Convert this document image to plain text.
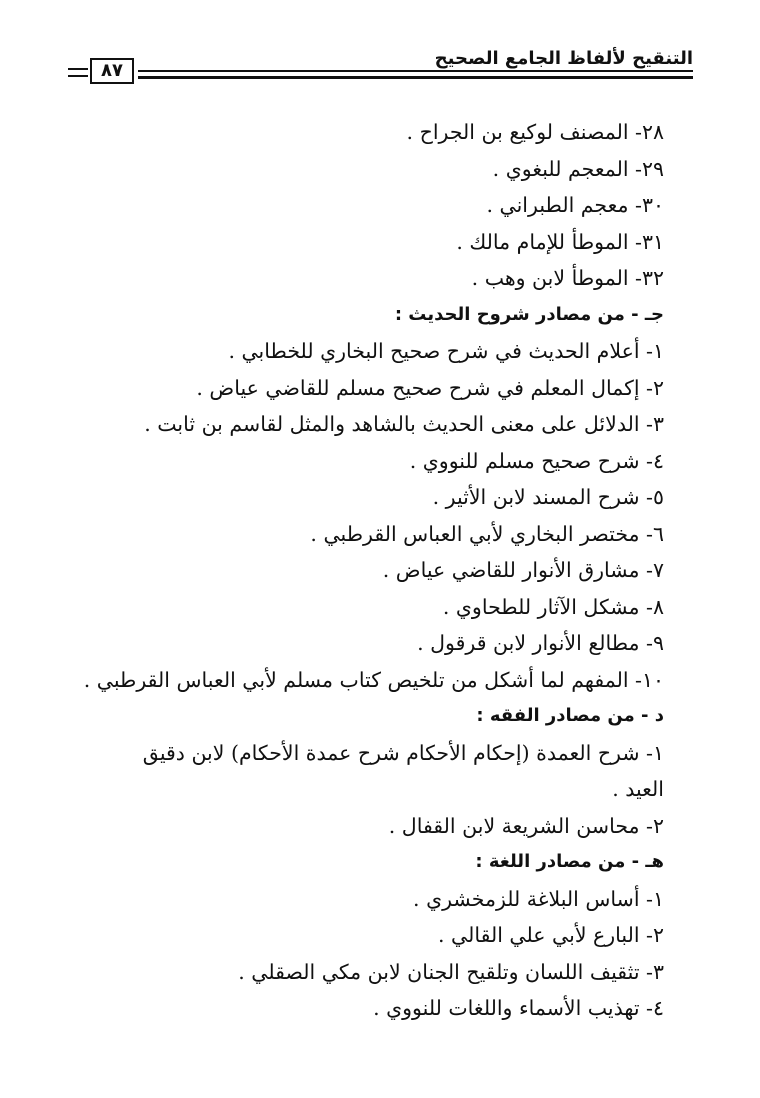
٨٧
التنقيح لألفاظ الجامع الصحيح
٢٨- المصنف لوكيع بن الجراح .
٢٩- المعجم للبغوي .
٣٠- معجم الطبراني .
٣١- الموطأ للإمام مالك .
٣٢- الموطأ لابن وهب .
جـ - من مصادر شروح الحديث :
١- أعلام الحديث في شرح صحيح البخاري للخطابي .
٢- إكمال المعلم في شرح صحيح مسلم للقاضي عياض .
٣- الدلائل على معنى الحديث بالشاهد والمثل لقاسم بن ثابت .
٤- شرح صحيح مسلم للنووي .
٥- شرح المسند لابن الأثير .
٦- مختصر البخاري لأبي العباس القرطبي .
٧- مشارق الأنوار للقاضي عياض .
٨- مشكل الآثار للطحاوي .
٩- مطالع الأنوار لابن قرقول .
١٠- المفهم لما أشكل من تلخيص كتاب مسلم لأبي العباس القرطبي .
د - من مصادر الفقه :
١- شرح العمدة (إحكام الأحكام شرح عمدة الأحكام) لابن دقيق
العيد .
٢- محاسن الشريعة لابن القفال .
هـ - من مصادر اللغة :
١- أساس البلاغة للزمخشري .
٢- البارع لأبي علي القالي .
٣- تثقيف اللسان وتلقيح الجنان لابن مكي الصقلي .
٤- تهذيب الأسماء واللغات للنووي .
